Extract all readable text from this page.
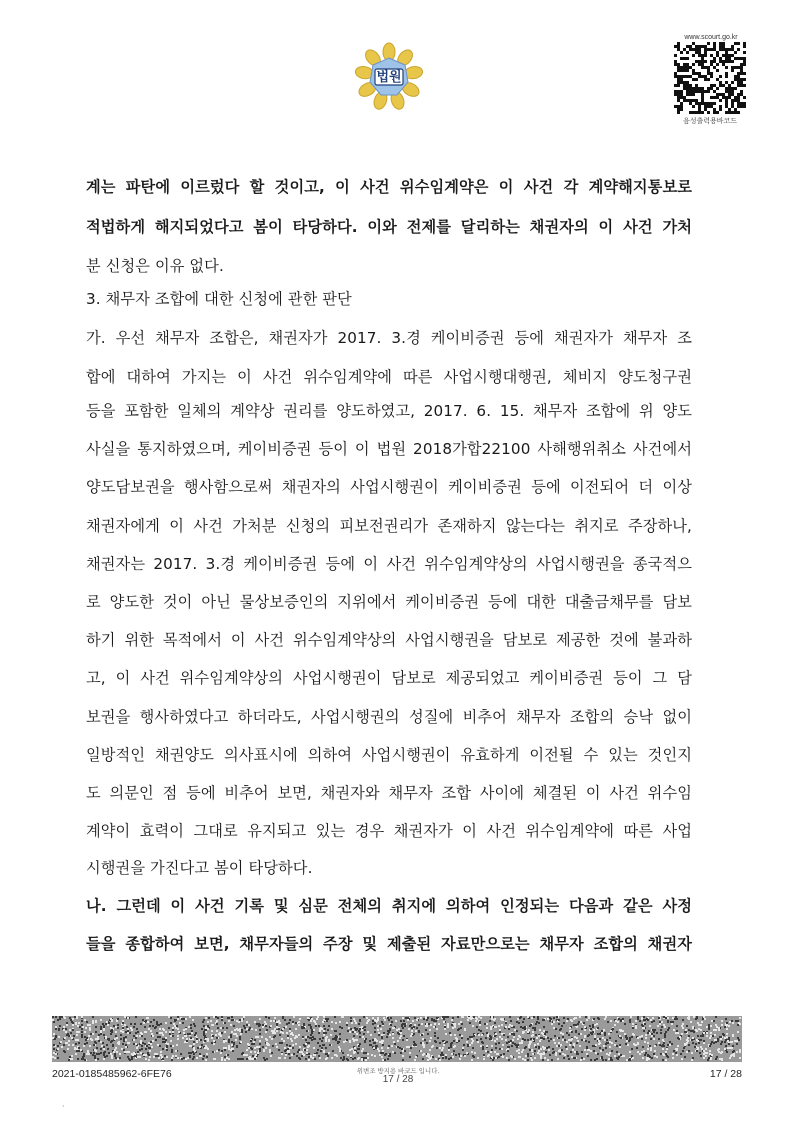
법원
www.scourt.go.kr
음성출력용바코드
계는 파탄에 이르렀다 할 것이고, 이 사건 위수임계약은 이 사건 각 계약해지통보로
적법하게 해지되었다고 봄이 타당하다. 이와 전제를 달리하는 채권자의 이 사건 가처
분 신청은 이유 없다.
3. 채무자 조합에 대한 신청에 관한 판단
가. 우선 채무자 조합은, 채권자가 2017. 3.경 케이비증권 등에 채권자가 채무자 조
합에 대하여 가지는 이 사건 위수임계약에 따른 사업시행대행권, 체비지 양도청구권
등을 포함한 일체의 계약상 권리를 양도하였고, 2017. 6. 15. 채무자 조합에 위 양도
사실을 통지하였으며, 케이비증권 등이 이 법원 2018가합22100 사해행위취소 사건에서
양도담보권을 행사함으로써 채권자의 사업시행권이 케이비증권 등에 이전되어 더 이상
채권자에게 이 사건 가처분 신청의 피보전권리가 존재하지 않는다는 취지로 주장하나,
채권자는 2017. 3.경 케이비증권 등에 이 사건 위수임계약상의 사업시행권을 종국적으
로 양도한 것이 아닌 물상보증인의 지위에서 케이비증권 등에 대한 대출금채무를 담보
하기 위한 목적에서 이 사건 위수임계약상의 사업시행권을 담보로 제공한 것에 불과하
고, 이 사건 위수임계약상의 사업시행권이 담보로 제공되었고 케이비증권 등이 그 담
보권을 행사하였다고 하더라도, 사업시행권의 성질에 비추어 채무자 조합의 승낙 없이
일방적인 채권양도 의사표시에 의하여 사업시행권이 유효하게 이전될 수 있는 것인지
도 의문인 점 등에 비추어 보면, 채권자와 채무자 조합 사이에 체결된 이 사건 위수임
계약이 효력이 그대로 유지되고 있는 경우 채권자가 이 사건 위수임계약에 따른 사업
시행권을 가진다고 봄이 타당하다.
나. 그런데 이 사건 기록 및 심문 전체의 취지에 의하여 인정되는 다음과 같은 사정
들을 종합하여 보면, 채무자들의 주장 및 제출된 자료만으로는 채무자 조합의 채권자
2021-0185485962-6FE76	위변조 방지용 바코드 입니다.
17 / 28	17 / 28
·
